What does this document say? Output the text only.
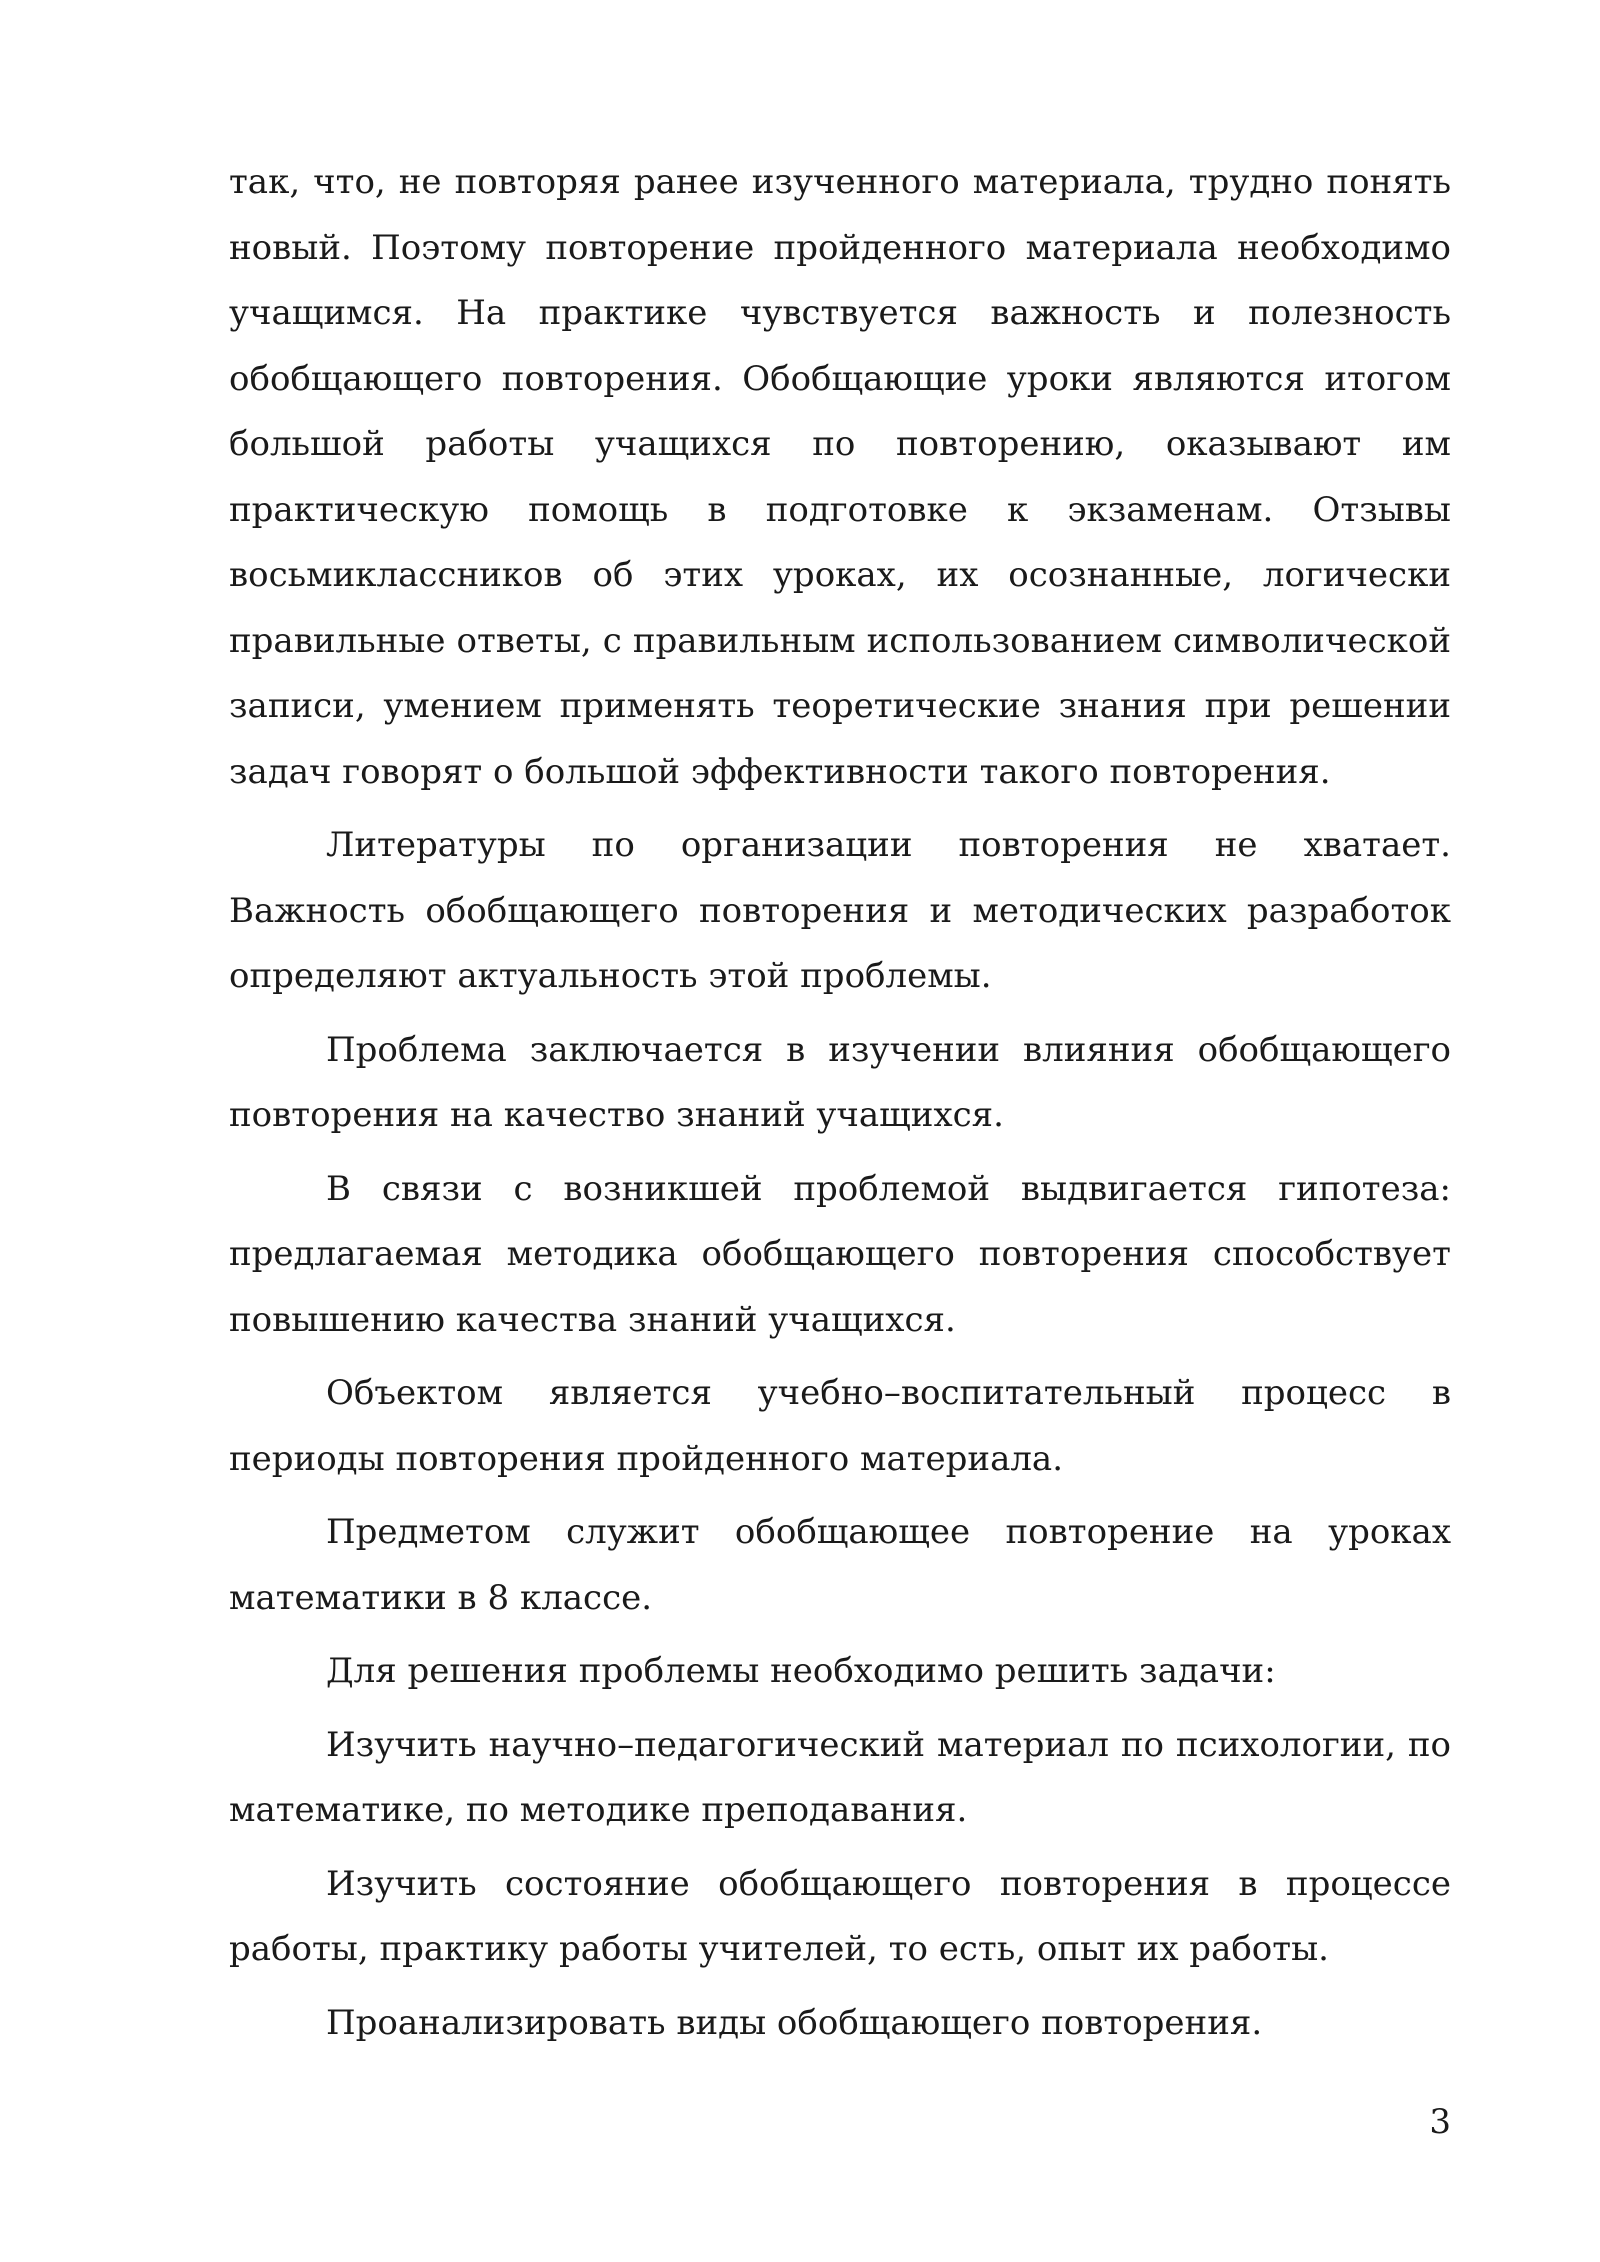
так, что, не повторяя ранее изученного материала, трудно понять новый. Поэтому повторение пройденного материала необходимо учащимся. На практике чувствуется важность и полезность обобщающего повторения. Обобщающие уроки являются итогом большой работы учащихся по повторению, оказывают им практическую помощь в подготовке к экзаменам. Отзывы восьмиклассников об этих уроках, их осознанные, логически правильные ответы, с правильным использованием символической записи, умением применять теоретические знания при решении задач говорят о большой эффективности такого повторения.

Литературы по организации повторения не хватает. Важность обобщающего повторения и методических разработок определяют актуальность этой проблемы.

Проблема заключается в изучении влияния обобщающего повторения на качество знаний учащихся.

В связи с возникшей проблемой выдвигается гипотеза: предлагаемая методика обобщающего повторения способствует повышению качества знаний учащихся.

Объектом является учебно–воспитательный процесс в периоды повторения пройденного материала.

Предметом служит обобщающее повторение на уроках математики в 8 классе.

Для решения проблемы необходимо решить задачи:

Изучить научно–педагогический материал по психологии, по математике, по методике преподавания.

Изучить состояние обобщающего повторения в процессе работы, практику работы учителей, то есть, опыт их работы.

Проанализировать виды обобщающего повторения.

3
